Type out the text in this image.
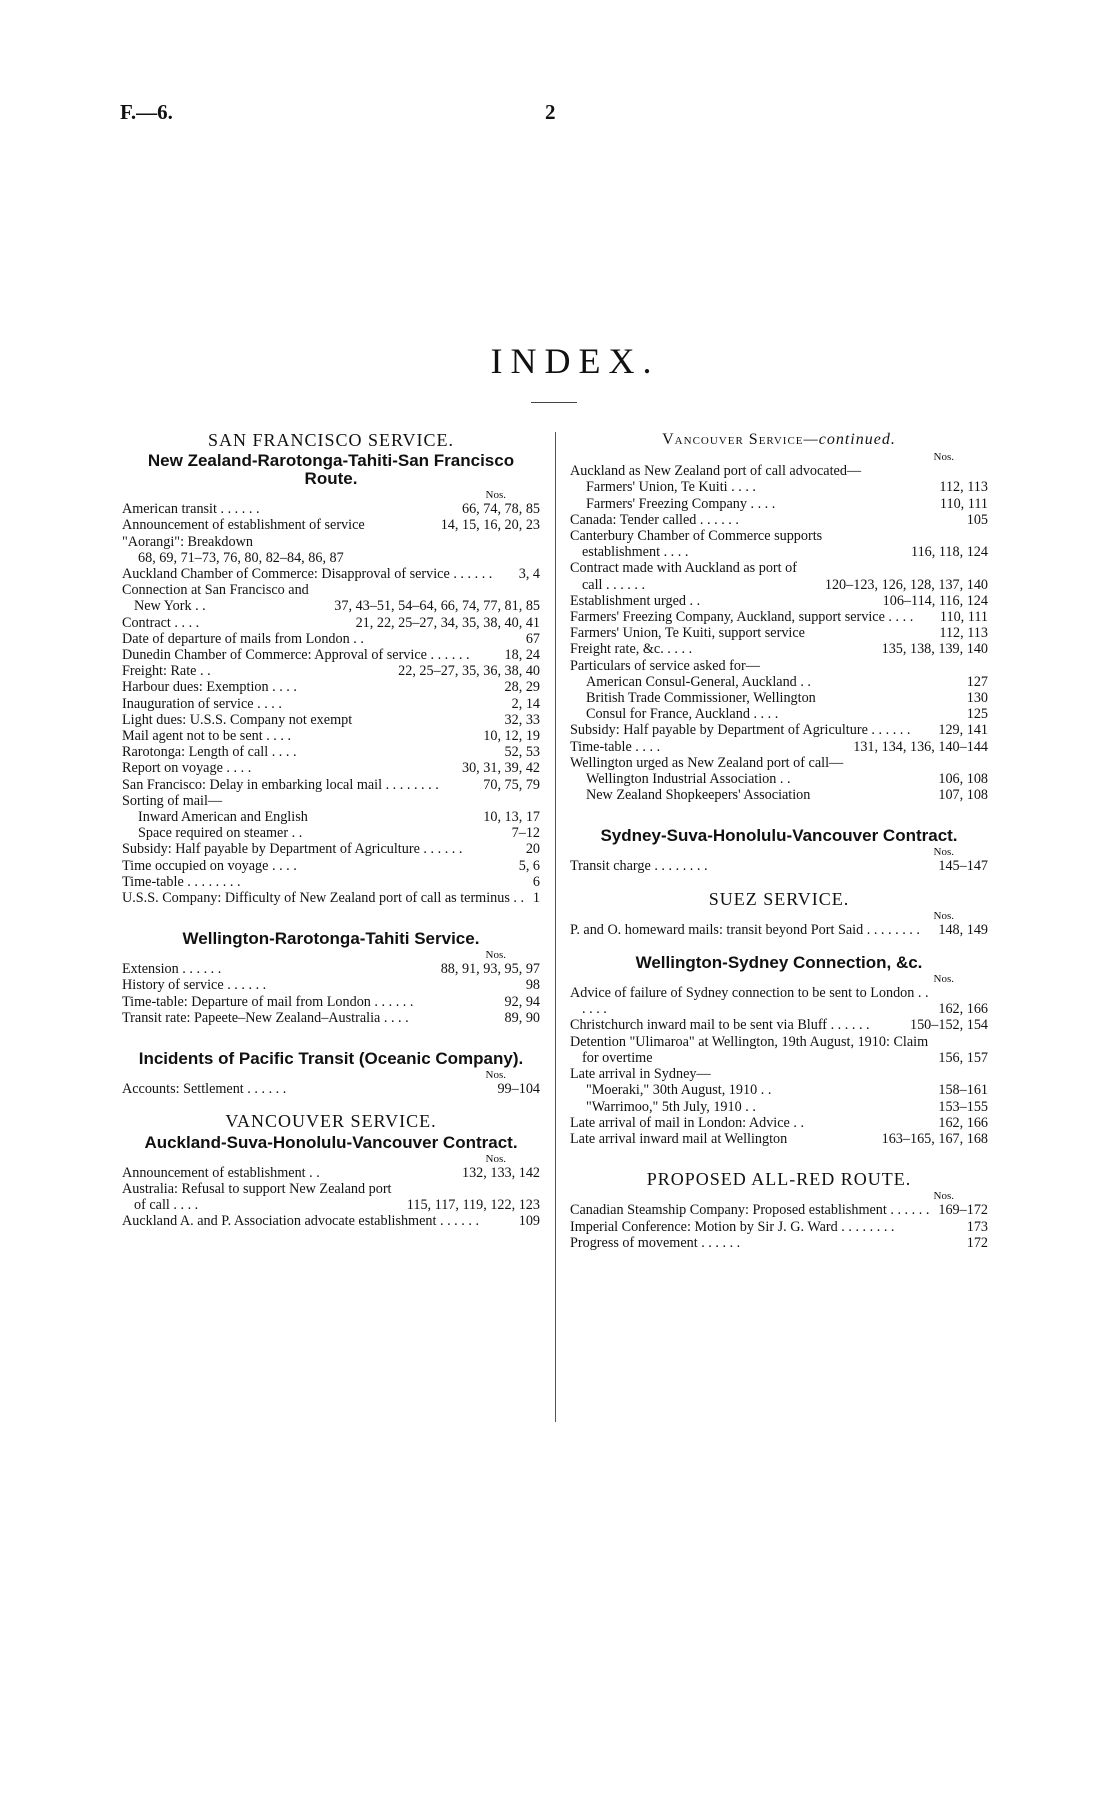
F.—6.	2
INDEX.
SAN FRANCISCO SERVICE.
New Zealand-Rarotonga-Tahiti-San Francisco Route.
Nos.
American transit . . . . . .	66, 74, 78, 85
Announcement of establishment of service	14, 15, 16, 20, 23
"Aorangi": Breakdown
68, 69, 71–73, 76, 80, 82–84, 86, 87
Auckland Chamber of Commerce: Disapproval of service . . . . . .	3, 4
Connection at San Francisco and New York . .	37, 43–51, 54–64, 66, 74, 77, 81, 85
Contract . . . .	21, 22, 25–27, 34, 35, 38, 40, 41
Date of departure of mails from London . .	67
Dunedin Chamber of Commerce: Approval of service . . . . . .	18, 24
Freight: Rate . .	22, 25–27, 35, 36, 38, 40
Harbour dues: Exemption . . . .	28, 29
Inauguration of service . . . .	2, 14
Light dues: U.S.S. Company not exempt	32, 33
Mail agent not to be sent . . . .	10, 12, 19
Rarotonga: Length of call . . . .	52, 53
Report on voyage . . . .	30, 31, 39, 42
San Francisco: Delay in embarking local mail . . . . . . . .	70, 75, 79
Sorting of mail—
Inward American and English	10, 13, 17
Space required on steamer . .	7–12
Subsidy: Half payable by Department of Agriculture . . . . . .	20
Time occupied on voyage . . . .	5, 6
Time-table . . . . . . . .	6
U.S.S. Company: Difficulty of New Zealand port of call as terminus . . 1
Wellington-Rarotonga-Tahiti Service.
Nos.
Extension . . . . . .	88, 91, 93, 95, 97
History of service . . . . . .	98
Time-table: Departure of mail from London . . . . . .	92, 94
Transit rate: Papeete–New Zealand–Australia . . . .	89, 90
Incidents of Pacific Transit (Oceanic Company).
Nos.
Accounts: Settlement . . . . . .	99–104
VANCOUVER SERVICE.
Auckland-Suva-Honolulu-Vancouver Contract.
Nos.
Announcement of establishment . .	132, 133, 142
Australia: Refusal to support New Zealand port of call . . . .	115, 117, 119, 122, 123
Auckland A. and P. Association advocate establishment . . . . . .	109
Vancouver Service—continued.
Nos.
Auckland as New Zealand port of call advocated—
Farmers' Union, Te Kuiti . . . .	112, 113
Farmers' Freezing Company . . . .	110, 111
Canada: Tender called . . . . . .	105
Canterbury Chamber of Commerce supports establishment . . . .	116, 118, 124
Contract made with Auckland as port of call . . . . . .	120–123, 126, 128, 137, 140
Establishment urged . .	106–114, 116, 124
Farmers' Freezing Company, Auckland, support service . . . .	110, 111
Farmers' Union, Te Kuiti, support service	112, 113
Freight rate, &c. . . . .	135, 138, 139, 140
Particulars of service asked for—
American Consul-General, Auckland . .	127
British Trade Commissioner, Wellington	130
Consul for France, Auckland . . . .	125
Subsidy: Half payable by Department of Agriculture . . . . . .	129, 141
Time-table . . . .	131, 134, 136, 140–144
Wellington urged as New Zealand port of call—
Wellington Industrial Association . .	106, 108
New Zealand Shopkeepers' Association	107, 108
Sydney-Suva-Honolulu-Vancouver Contract.
Nos.
Transit charge . . . . . . . .	145–147
SUEZ SERVICE.
Nos.
P. and O. homeward mails: transit beyond Port Said . . . . . . . .	148, 149
Wellington-Sydney Connection, &c.
Nos.
Advice of failure of Sydney connection to be sent to London . . . . . .	162, 166
Christchurch inward mail to be sent via Bluff . . . . . .	150–152, 154
Detention "Ulimaroa" at Wellington, 19th August, 1910: Claim for overtime	156, 157
Late arrival in Sydney—
"Moeraki," 30th August, 1910 . .	158–161
"Warrimoo," 5th July, 1910 . .	153–155
Late arrival of mail in London: Advice . .	162, 166
Late arrival inward mail at Wellington	163–165, 167, 168
PROPOSED ALL-RED ROUTE.
Nos.
Canadian Steamship Company: Proposed establishment . . . . . . 169–172
Imperial Conference: Motion by Sir J. G. Ward . . . . . . . .	173
Progress of movement . . . . . .	172
